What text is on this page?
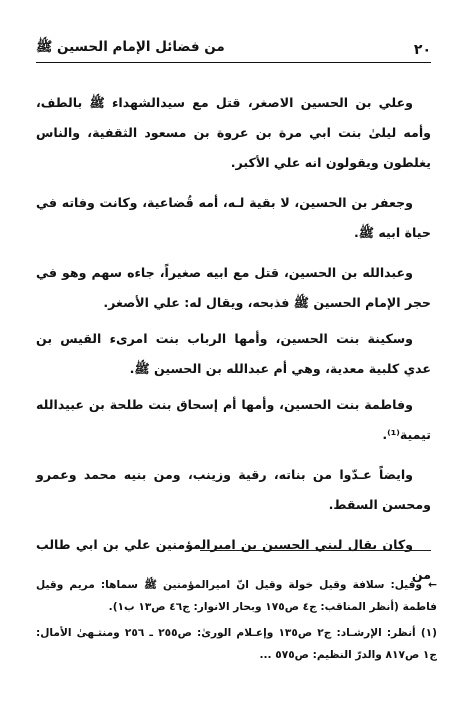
٢٠
من فضائل الإمام الحسين ﷺ

وعلي بن الحسين الاصغر، قتل مع سيدالشهداء ﷺ بالطف، وأمه ليلىٰ بنت ابي مرة بن عروة بن مسعود الثقفية، والناس يغلطون ويقولون انه علي الأكبر.

وجعفر بن الحسين، لا بقية لـه، أمه قُضاعية، وكانت وفاته في حياة ابيه ﷺ.

وعبدالله بن الحسين، قتل مع ابيه صغيراً، جاءه سهم وهو في حجر الإمام الحسين ﷺ فذبحه، ويقال له: علي الأصغر.

وسكينة بنت الحسين، وأمها الرباب بنت امرىء القيس بن عدي كلبية معدية، وهي أم عبدالله بن الحسين ﷺ.

وفاطمة بنت الحسين، وأمها أم إسحاق بنت طلحة بن عبيدالله تيمية⁽¹⁾.

وايضاً عـدّوا من بناته، رقية وزينب، ومن بنيه محمد وعمرو ومحسن السقط.

وكان يقال لبني الحسين بن اميرالمؤمنين علي بن ابي طالب من

← وقيل: سلافة وقيل خولة وقيل انّ اميرالمؤمنين ﷺ سماها: مريم وقيل فاطمة (أنظر المناقب: ج٤ ص١٧٥ وبحار الانوار: ج٤٦ ص١٣ ب١).

(١) أنظر: الإرشـاد: ج٢ ص١٣٥ وإعـلام الورىٰ: ص٢٥٥ ـ ٢٥٦ ومنتـهىٰ الأمال: ج١ ص٨١٧ والدرّ النظيم: ص٥٧٥ ...
